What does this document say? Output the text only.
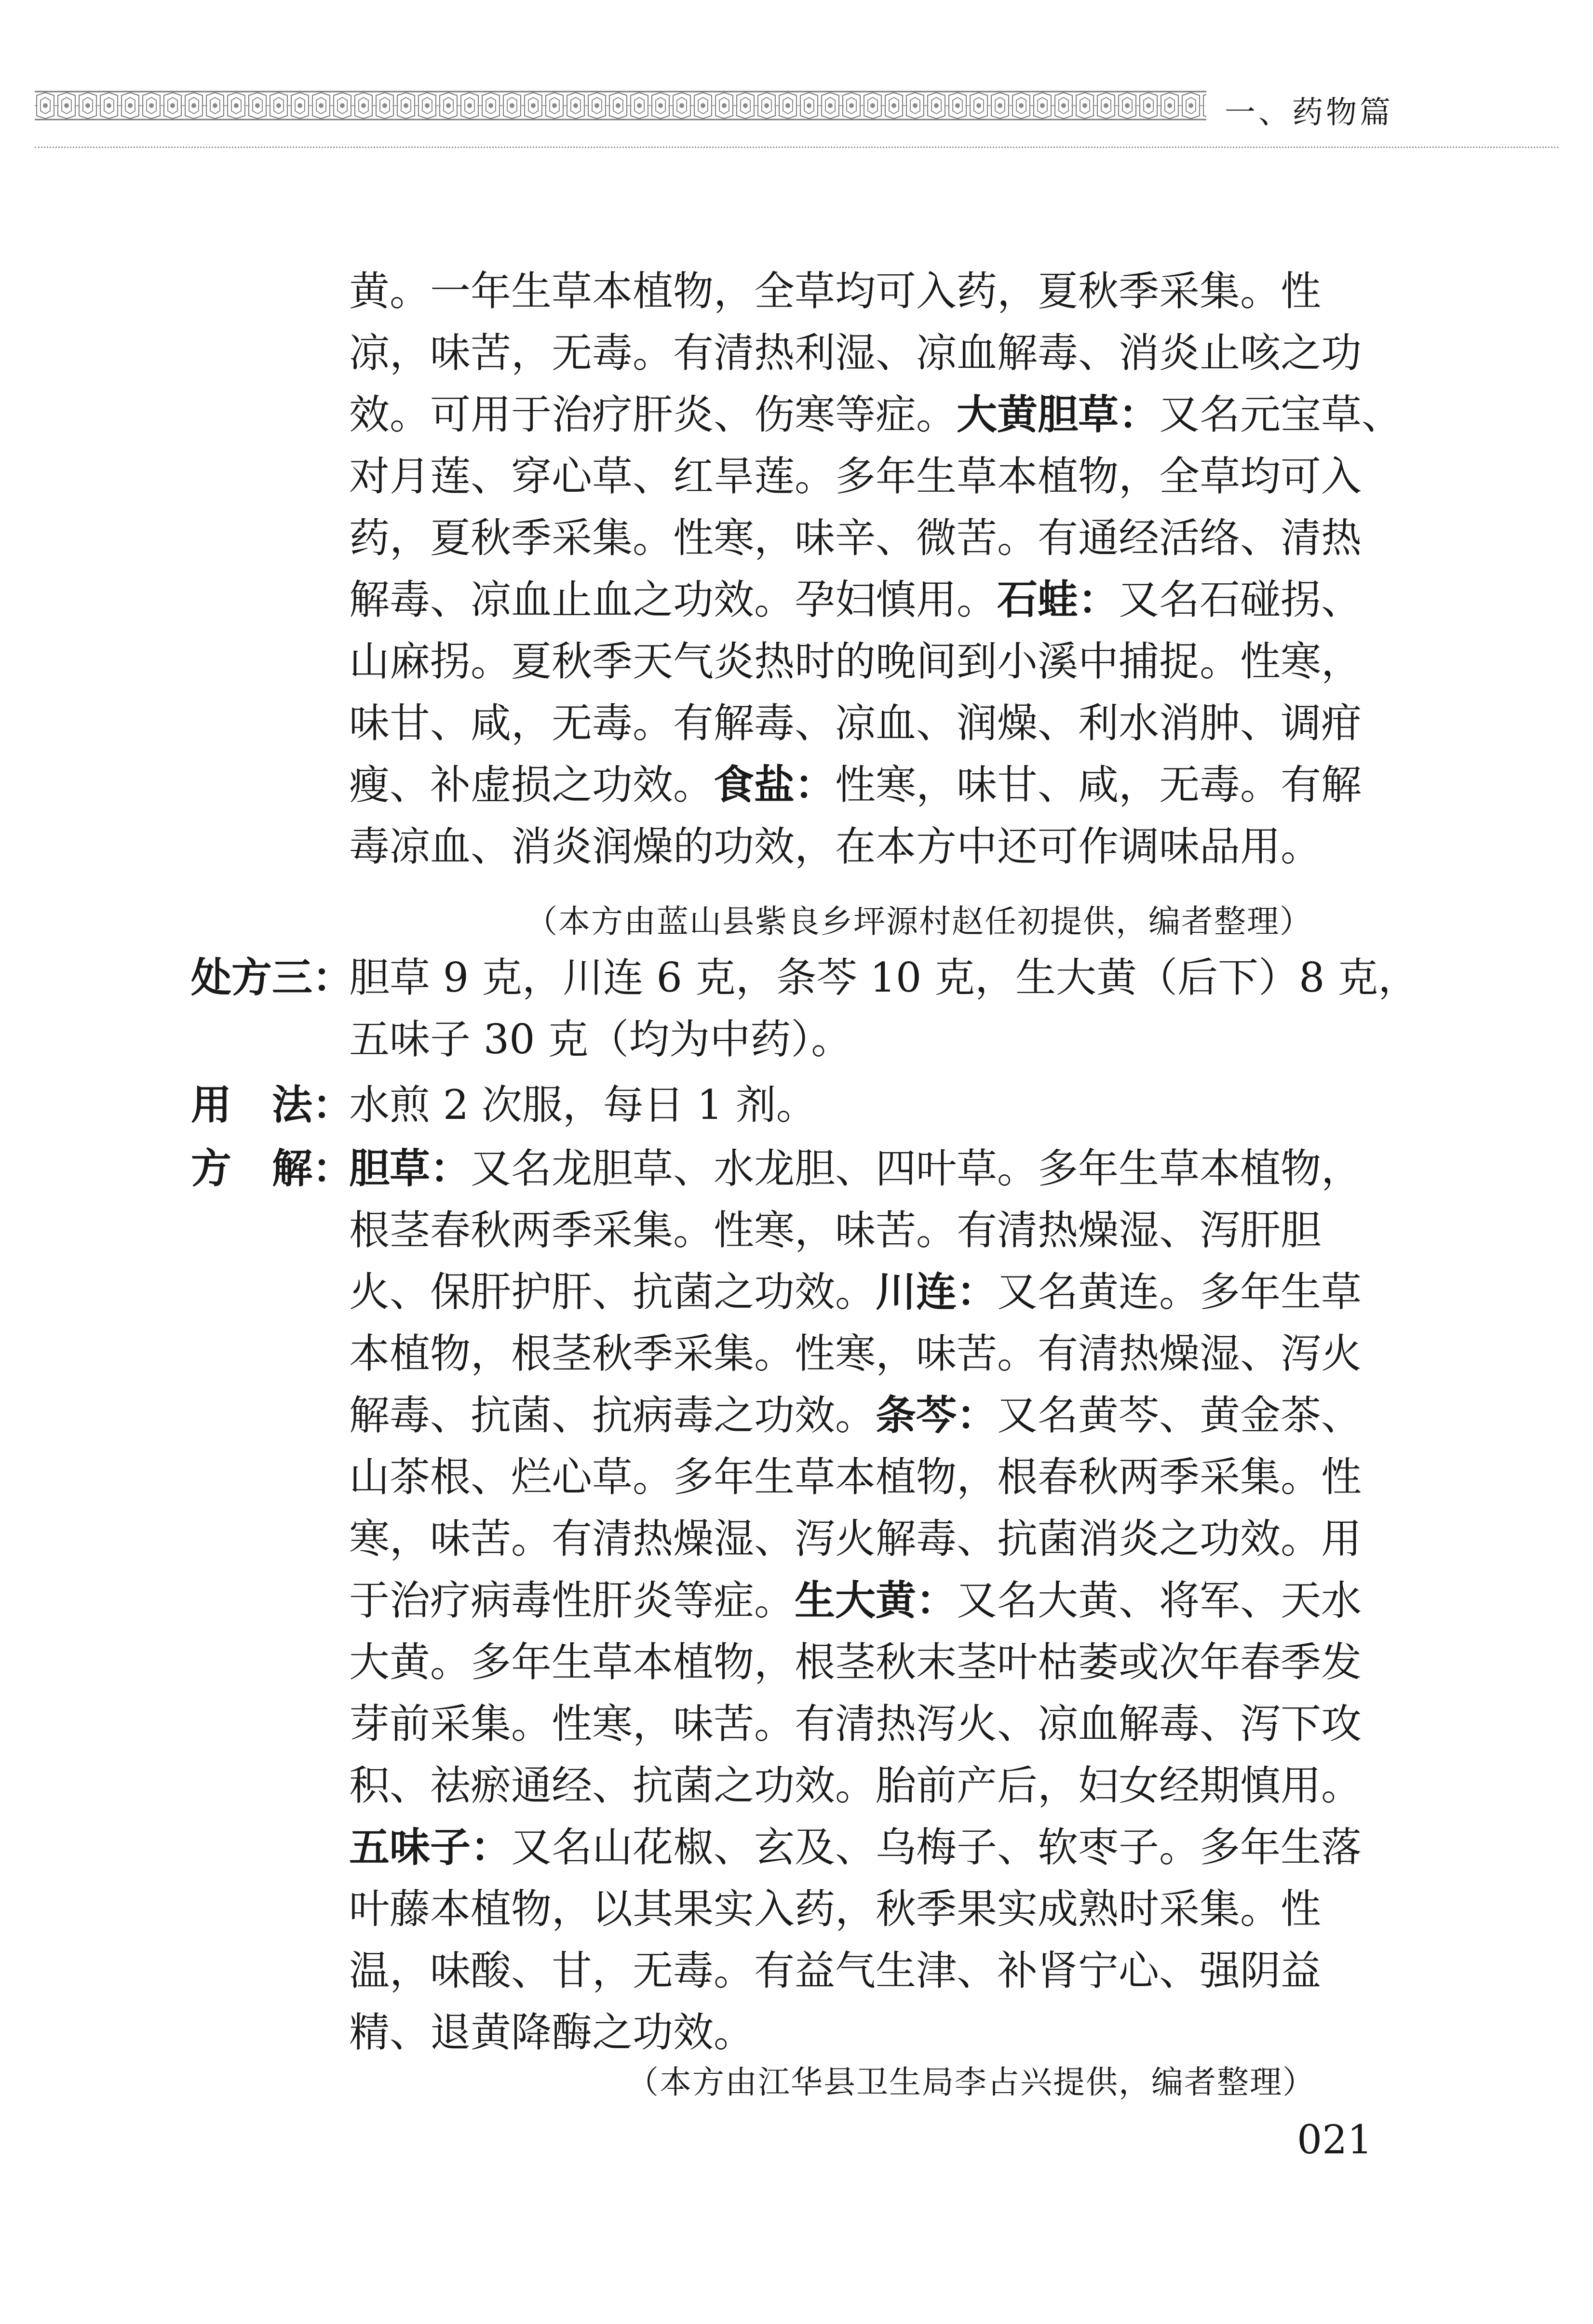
一、药物篇
黄。一年生草本植物，全草均可入药，夏秋季采集。性
凉，味苦，无毒。有清热利湿、凉血解毒、消炎止咳之功
效。可用于治疗肝炎、伤寒等症。大黄胆草：又名元宝草、
对月莲、穿心草、红旱莲。多年生草本植物，全草均可入
药，夏秋季采集。性寒，味辛、微苦。有通经活络、清热
解毒、凉血止血之功效。孕妇慎用。石蛙：又名石碰拐、
山麻拐。夏秋季天气炎热时的晚间到小溪中捕捉。性寒，
味甘、咸，无毒。有解毒、凉血、润燥、利水消肿、调疳
瘦、补虚损之功效。食盐：性寒，味甘、咸，无毒。有解
毒凉血、消炎润燥的功效，在本方中还可作调味品用。
（本方由蓝山县紫良乡坪源村赵任初提供，编者整理）
处方三：
胆草 9 克，川连 6 克，条芩 10 克，生大黄（后下）8 克，
五味子 30 克（均为中药）。
用　法：
水煎 2 次服，每日 1 剂。
方　解：
胆草：又名龙胆草、水龙胆、四叶草。多年生草本植物，
根茎春秋两季采集。性寒，味苦。有清热燥湿、泻肝胆
火、保肝护肝、抗菌之功效。川连：又名黄连。多年生草
本植物，根茎秋季采集。性寒，味苦。有清热燥湿、泻火
解毒、抗菌、抗病毒之功效。条芩：又名黄芩、黄金茶、
山茶根、烂心草。多年生草本植物，根春秋两季采集。性
寒，味苦。有清热燥湿、泻火解毒、抗菌消炎之功效。用
于治疗病毒性肝炎等症。生大黄：又名大黄、将军、天水
大黄。多年生草本植物，根茎秋末茎叶枯萎或次年春季发
芽前采集。性寒，味苦。有清热泻火、凉血解毒、泻下攻
积、祛瘀通经、抗菌之功效。胎前产后，妇女经期慎用。
五味子：又名山花椒、玄及、乌梅子、软枣子。多年生落
叶藤本植物，以其果实入药，秋季果实成熟时采集。性
温，味酸、甘，无毒。有益气生津、补肾宁心、强阴益
精、退黄降酶之功效。
（本方由江华县卫生局李占兴提供，编者整理）
021
